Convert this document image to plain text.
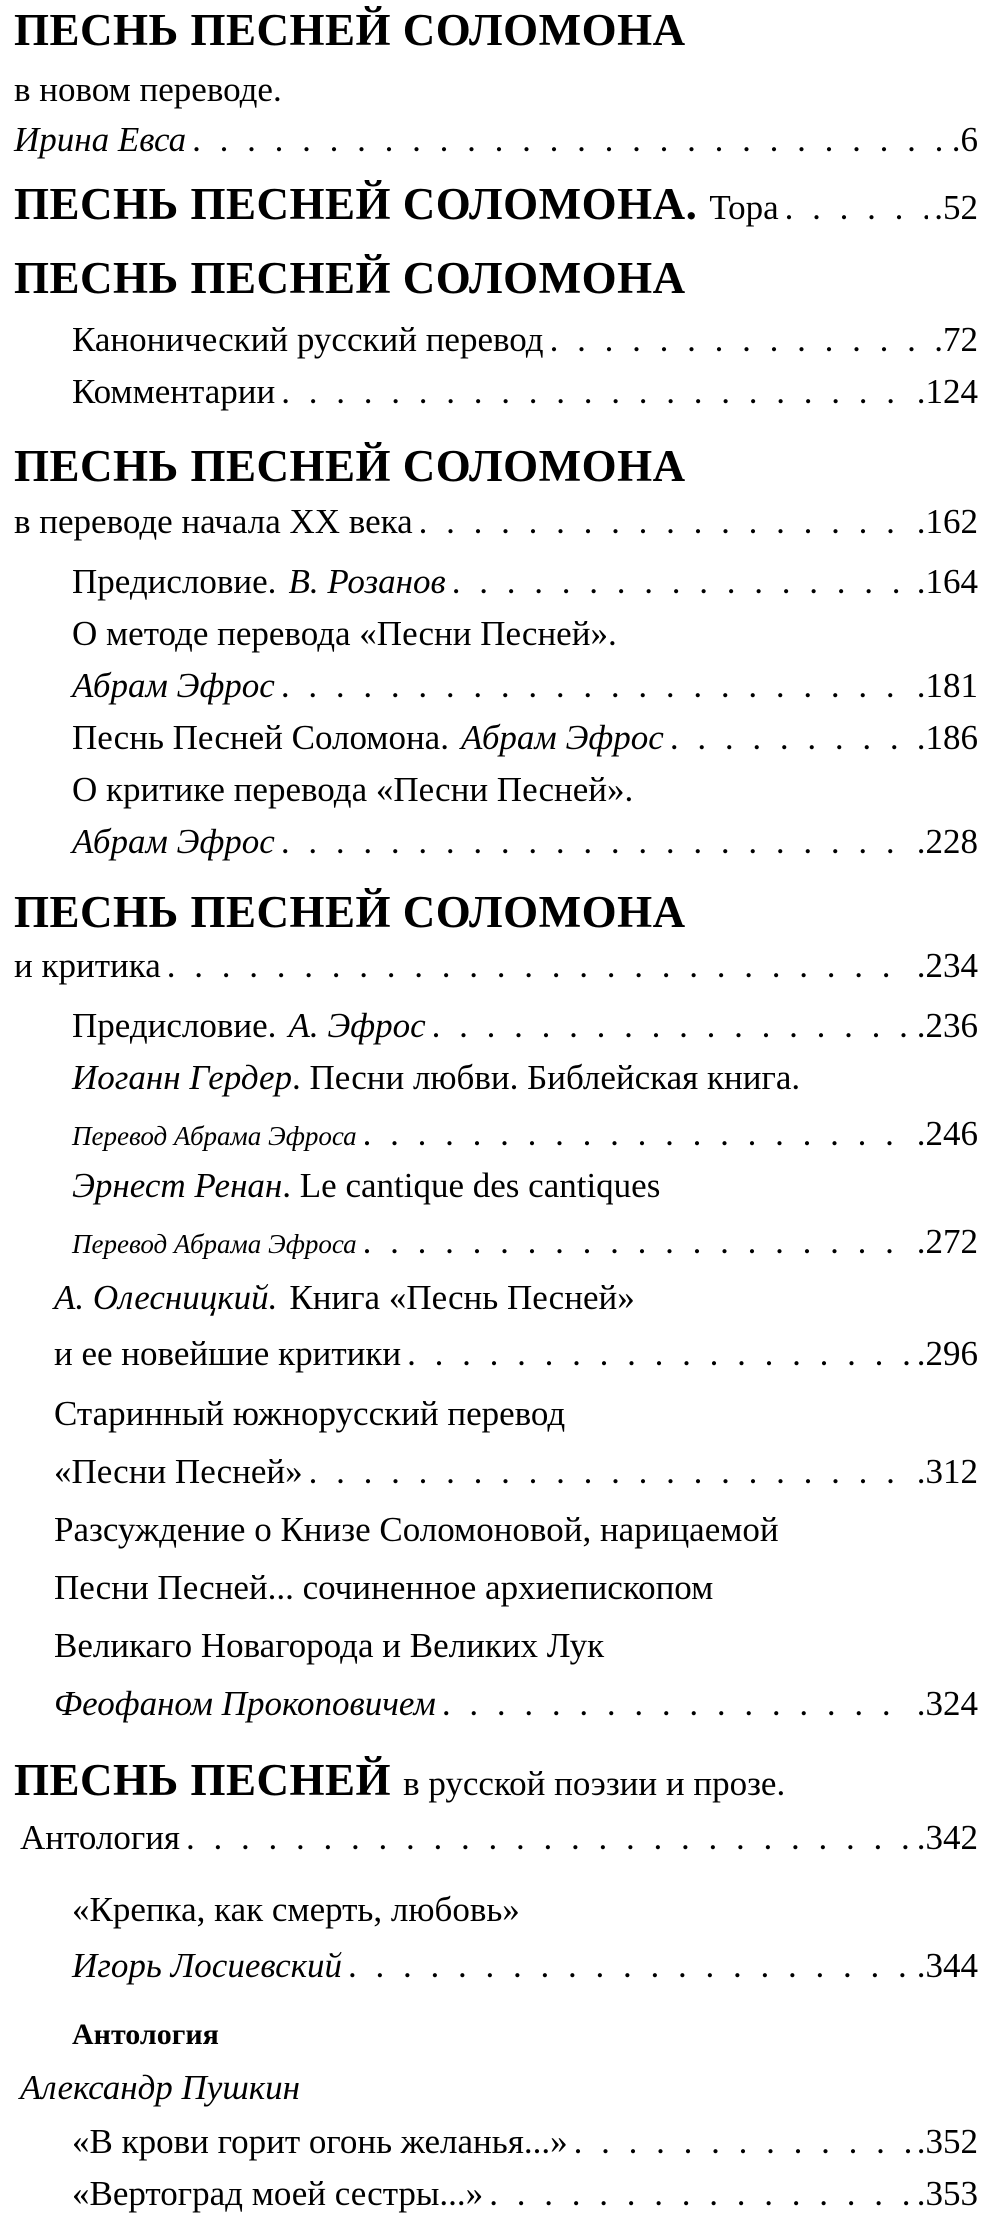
ПЕСНЬ ПЕСНЕЙ СОЛОМОНА
в новом переводе.
Ирина Евса . . .	.6
ПЕСНЬ ПЕСНЕЙ СОЛОМОНА. Тора . . .	.52
ПЕСНЬ ПЕСНЕЙ СОЛОМОНА
Канонический русский перевод . . .	.72
Комментарии . . .	.124
ПЕСНЬ ПЕСНЕЙ СОЛОМОНА
в переводе начала XX века . . .	.162
Предисловие. В. Розанов . . .	.164
О методе перевода «Песни Песней».
Абрам Эфрос . . .	.181
Песнь Песней Соломона. Абрам Эфрос . . .	.186
О критике перевода «Песни Песней».
Абрам Эфрос . . .	.228
ПЕСНЬ ПЕСНЕЙ СОЛОМОНА
и критика . . .	.234
Предисловие. А. Эфрос . . .	.236
Иоганн Гердер . Песни любви. Библейская книга.
Перевод Абрама Эфроса . . .	.246
Эрнест Ренан . Le cantique des cantiques
Перевод Абрама Эфроса . . .	.272
А. Олесницкий. Книга «Песнь Песней»
и ее новейшие критики . . .	.296
Старинный южнорусский перевод
«Песни Песней» . . .	.312
Разсуждение о Книзе Соломоновой, нарицаемой
Песни Песней... сочиненное архиепископом
Великаго Новагорода и Великих Лук
Феофаном Прокоповичем . . .	.324
ПЕСНЬ ПЕСНЕЙ в русской поэзии и прозе.
Антология . . .	.342
«Крепка, как смерть, любовь»
Игорь Лосиевский . . .	.344
Антология
Александр Пушкин
«В крови горит огонь желанья...» . . .	.352
«Вертоград моей сестры...» . . .	.353
